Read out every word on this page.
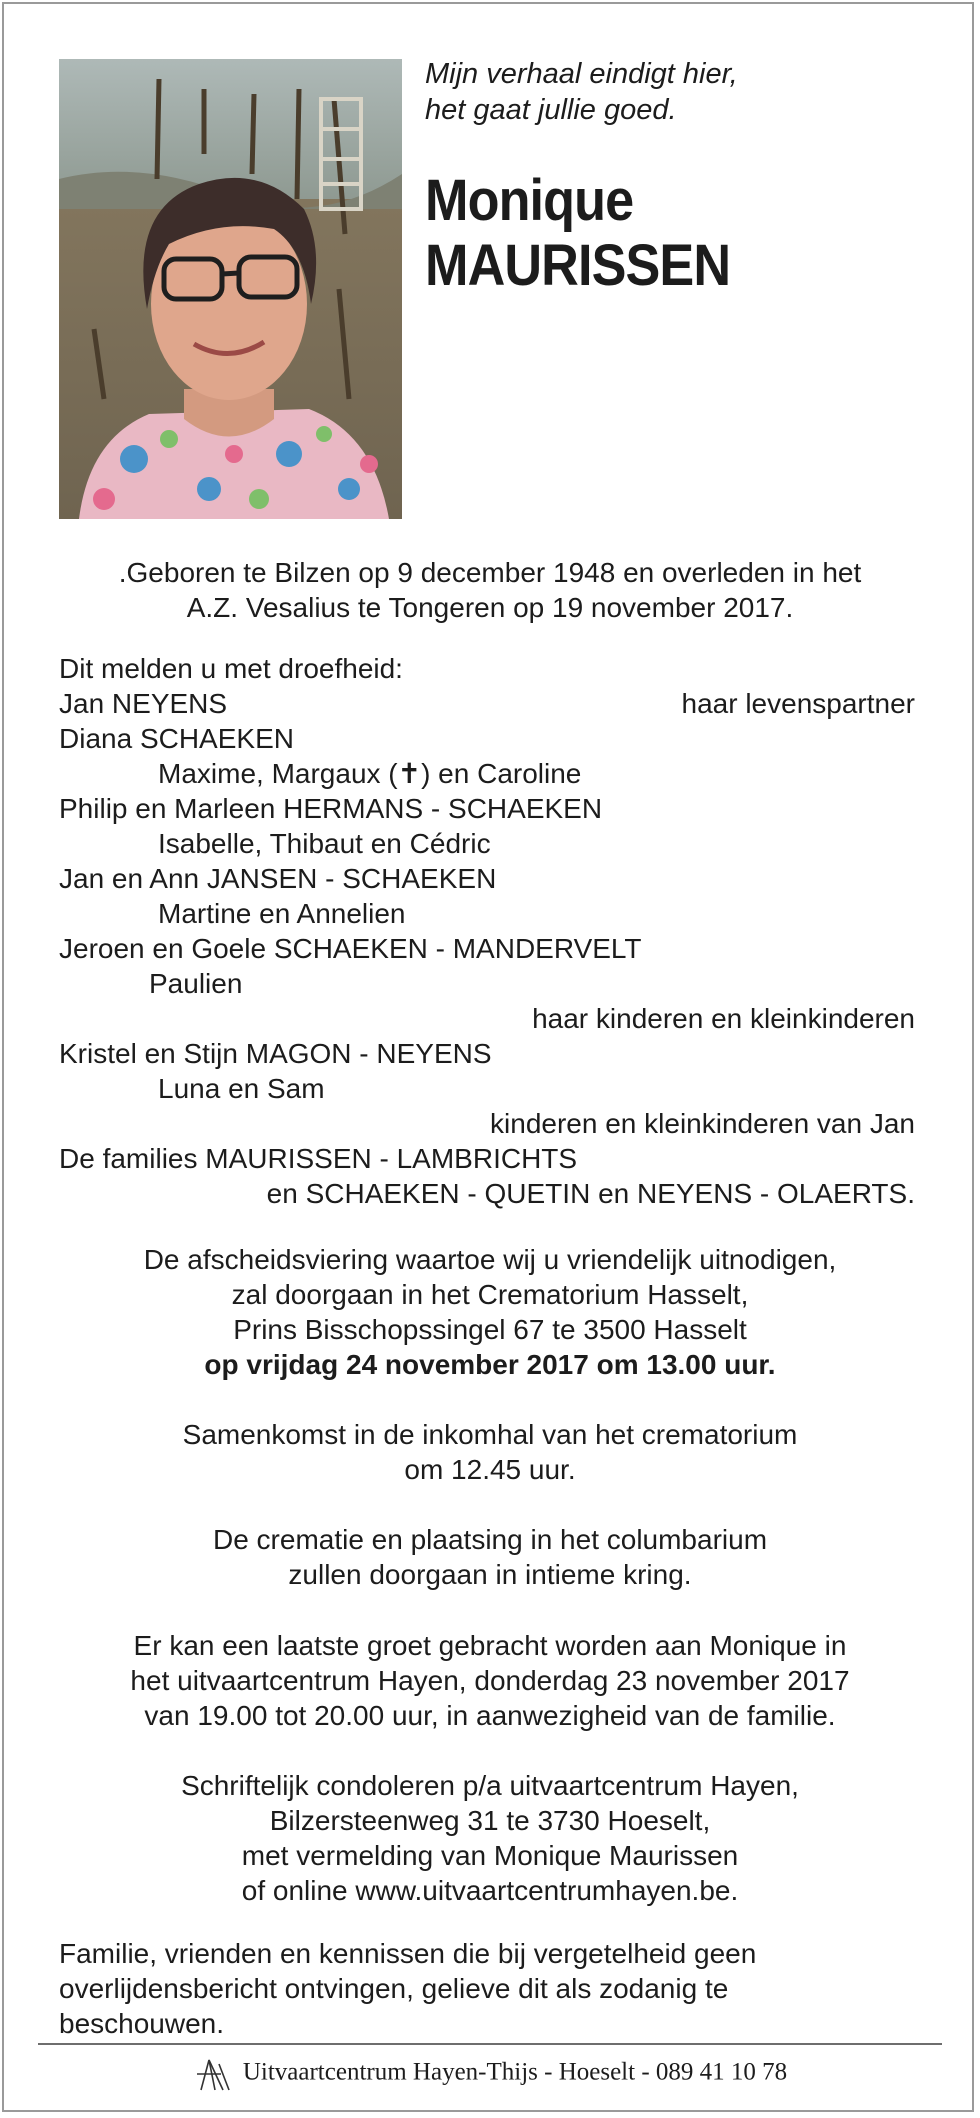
Mijn verhaal eindigt hier,
het gaat jullie goed.
Monique
MAURISSEN
.Geboren te Bilzen op 9 december 1948 en overleden in het
A.Z. Vesalius te Tongeren op 19 november 2017.
Dit melden u met droefheid:
Jan NEYENS	haar levenspartner
Diana SCHAEKEN
Maxime, Margaux (✝) en Caroline
Philip en Marleen HERMANS - SCHAEKEN
Isabelle, Thibaut en Cédric
Jan en Ann JANSEN - SCHAEKEN
Martine en Annelien
Jeroen en Goele SCHAEKEN - MANDERVELT
Paulien
haar kinderen en kleinkinderen
Kristel en Stijn MAGON - NEYENS
Luna en Sam
kinderen en kleinkinderen van Jan
De families MAURISSEN - LAMBRICHTS
en SCHAEKEN - QUETIN en NEYENS - OLAERTS.
De afscheidsviering waartoe wij u vriendelijk uitnodigen,
zal doorgaan in het Crematorium Hasselt,
Prins Bisschopssingel 67 te 3500 Hasselt
op vrijdag 24 november 2017 om 13.00 uur.
Samenkomst in de inkomhal van het crematorium
om 12.45 uur.
De crematie en plaatsing in het columbarium
zullen doorgaan in intieme kring.
Er kan een laatste groet gebracht worden aan Monique in
het uitvaartcentrum Hayen, donderdag 23 november 2017
van 19.00 tot 20.00 uur, in aanwezigheid van de familie.
Schriftelijk condoleren p/a uitvaartcentrum Hayen,
Bilzersteenweg 31 te 3730 Hoeselt,
met vermelding van Monique Maurissen
of online www.uitvaartcentrumhayen.be.
Familie, vrienden en kennissen die bij vergetelheid geen
overlijdensbericht ontvingen, gelieve dit als zodanig te
beschouwen.
Uitvaartcentrum Hayen-Thijs - Hoeselt - 089 41 10 78
